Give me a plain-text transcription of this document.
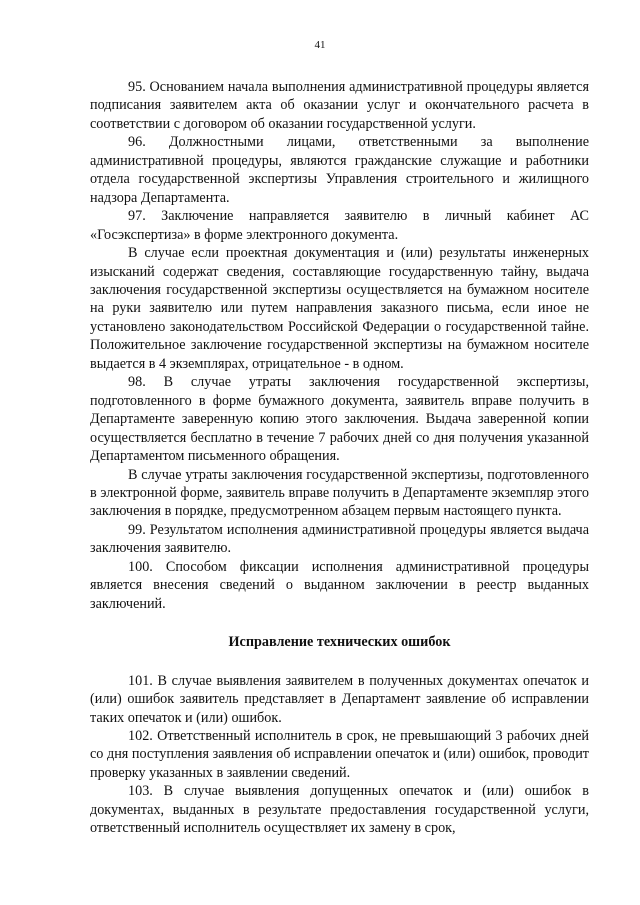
41

95. Основанием начала выполнения административной процедуры является подписания заявителем акта об оказании услуг и окончательного расчета в соответствии с договором об оказании государственной услуги.

96. Должностными лицами, ответственными за выполнение административной процедуры, являются гражданские служащие и работники отдела государственной экспертизы Управления строительного и жилищного надзора Департамента.

97. Заключение направляется заявителю в личный кабинет АС «Госэкспертиза» в форме электронного документа.

В случае если проектная документация и (или) результаты инженерных изысканий содержат сведения, составляющие государственную тайну, выдача заключения государственной экспертизы осуществляется на бумажном носителе на руки заявителю или путем направления заказного письма, если иное не установлено законодательством Российской Федерации о государственной тайне. Положительное заключение государственной экспертизы на бумажном носителе выдается в 4 экземплярах, отрицательное - в одном.

98. В случае утраты заключения государственной экспертизы, подготовленного в форме бумажного документа, заявитель вправе получить в Департаменте заверенную копию этого заключения. Выдача заверенной копии осуществляется бесплатно в течение 7 рабочих дней со дня получения указанной Департаментом письменного обращения.

В случае утраты заключения государственной экспертизы, подготовленного в электронной форме, заявитель вправе получить в Департаменте экземпляр этого заключения в порядке, предусмотренном абзацем первым настоящего пункта.

99. Результатом исполнения административной процедуры является выдача заключения заявителю.

100. Способом фиксации исполнения административной процедуры является внесения сведений о выданном заключении в реестр выданных заключений.

Исправление технических ошибок

101. В случае выявления заявителем в полученных документах опечаток и (или) ошибок заявитель представляет в Департамент заявление об исправлении таких опечаток и (или) ошибок.

102. Ответственный исполнитель в срок, не превышающий 3 рабочих дней со дня поступления заявления об исправлении опечаток и (или) ошибок, проводит проверку указанных в заявлении сведений.

103. В случае выявления допущенных опечаток и (или) ошибок в документах, выданных в результате предоставления государственной услуги, ответственный исполнитель осуществляет их замену в срок,
